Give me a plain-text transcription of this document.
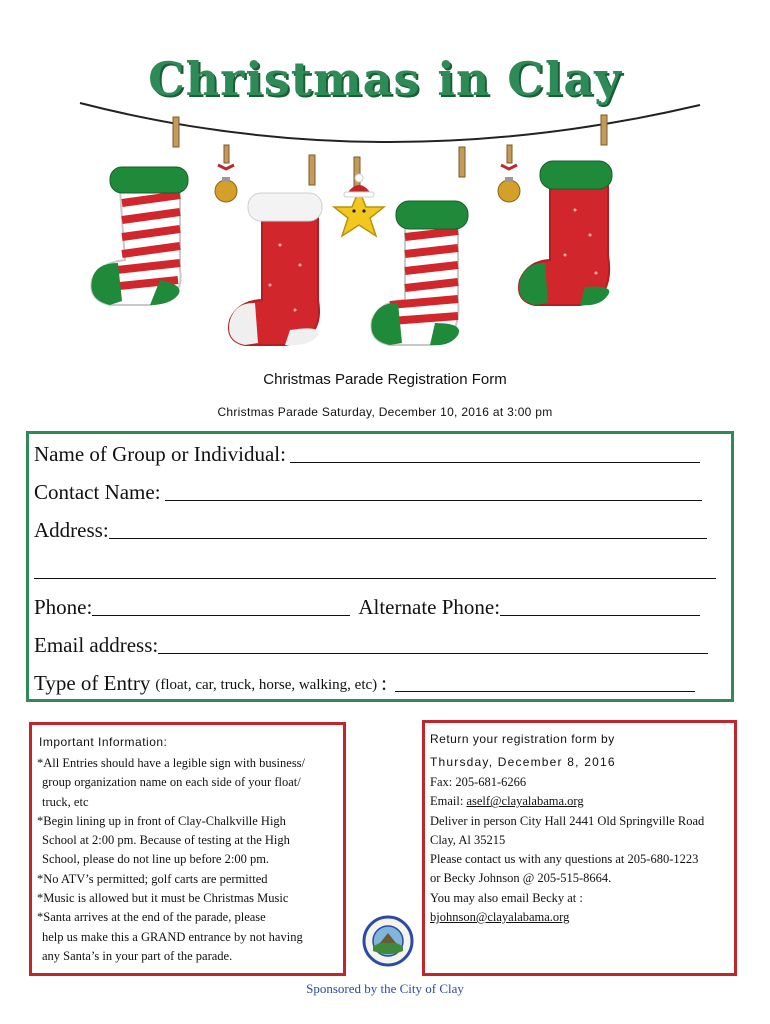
Christmas in Clay
Christmas Parade Registration Form
Christmas Parade Saturday, December 10, 2016 at 3:00 pm
Name of Group or Individual:
Contact Name:
Address:
Phone:	Alternate Phone:
Email address:
Type of Entry (float, car, truck, horse, walking, etc) :
Important Information:
*All Entries should have a legible sign with business/
group organization name on each side of your float/
truck, etc
*Begin lining up in front of Clay-Chalkville High
School at 2:00 pm. Because of testing at the High
School, please do not line up before 2:00 pm.
*No ATV’s permitted; golf carts are permitted
*Music is allowed but it must be Christmas Music
*Santa arrives at the end of the parade, please
help us make this a GRAND entrance by not having
any Santa’s in your part of the parade.
Return your registration form by
Thursday, December 8, 2016
Fax: 205-681-6266
Email: aself@clayalabama.org
Deliver in person City Hall 2441 Old Springville Road
Clay, Al 35215
Please contact us with any questions at 205-680-1223
or Becky Johnson @ 205-515-8664.
You may also email Becky at :
bjohnson@clayalabama.org
Sponsored by the City of Clay
